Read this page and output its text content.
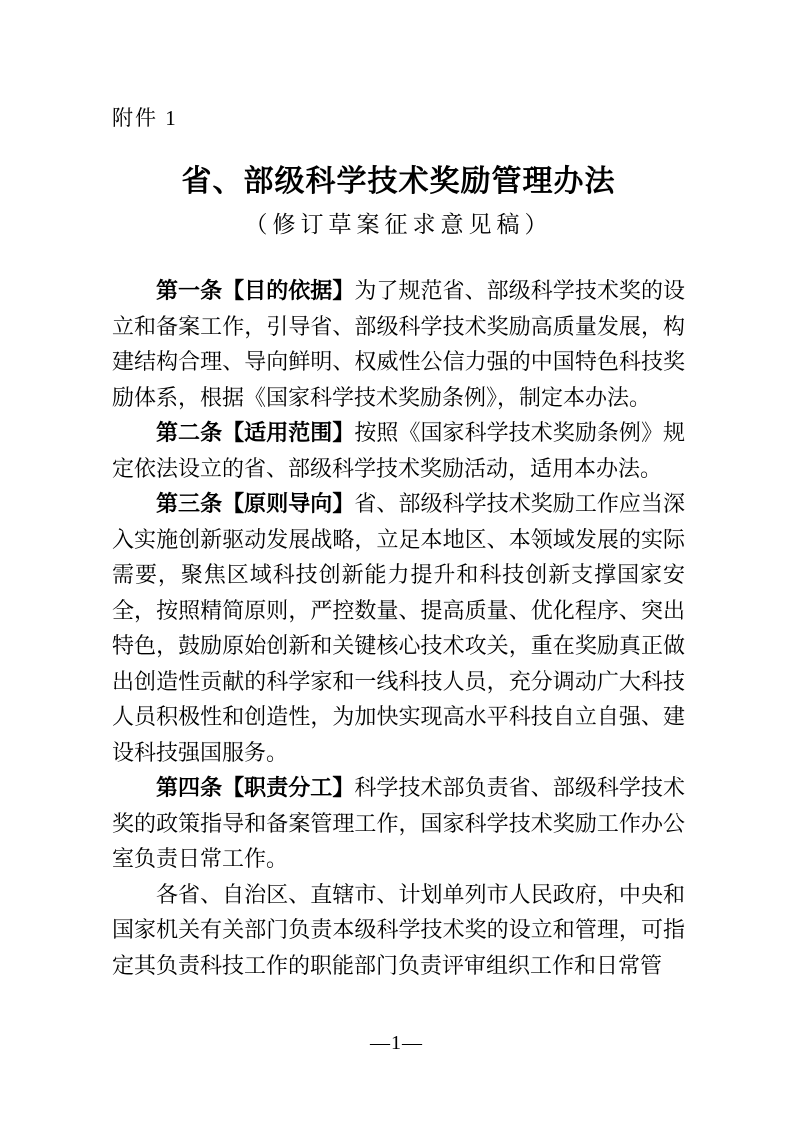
附件 1
省、部级科学技术奖励管理办法
（修订草案征求意见稿）

第一条【目的依据】为了规范省、部级科学技术奖的设立和备案工作，引导省、部级科学技术奖励高质量发展，构建结构合理、导向鲜明、权威性公信力强的中国特色科技奖励体系，根据《国家科学技术奖励条例》，制定本办法。

第二条【适用范围】按照《国家科学技术奖励条例》规定依法设立的省、部级科学技术奖励活动，适用本办法。

第三条【原则导向】省、部级科学技术奖励工作应当深入实施创新驱动发展战略，立足本地区、本领域发展的实际需要，聚焦区域科技创新能力提升和科技创新支撑国家安全，按照精简原则，严控数量、提高质量、优化程序、突出特色，鼓励原始创新和关键核心技术攻关，重在奖励真正做出创造性贡献的科学家和一线科技人员，充分调动广大科技人员积极性和创造性，为加快实现高水平科技自立自强、建设科技强国服务。

第四条【职责分工】科学技术部负责省、部级科学技术奖的政策指导和备案管理工作，国家科学技术奖励工作办公室负责日常工作。

各省、自治区、直辖市、计划单列市人民政府，中央和国家机关有关部门负责本级科学技术奖的设立和管理，可指定其负责科技工作的职能部门负责评审组织工作和日常管

—1—
